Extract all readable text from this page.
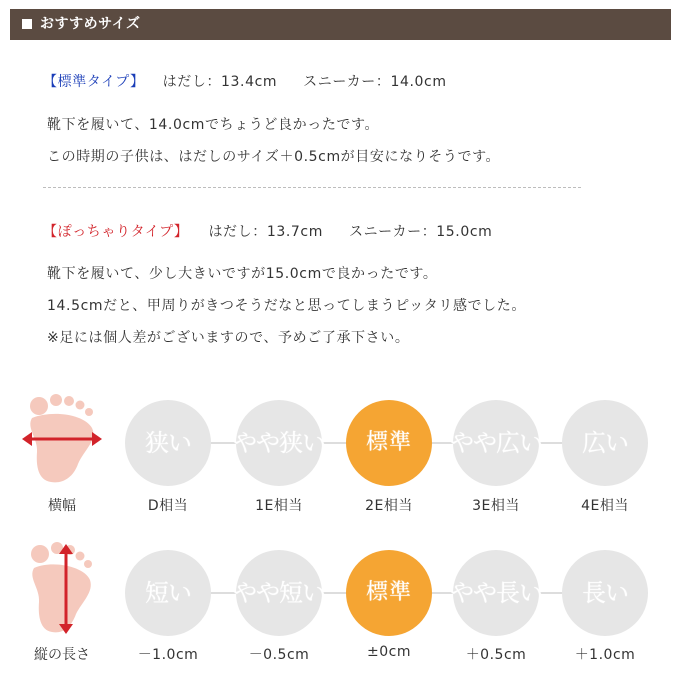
おすすめサイズ
【標準タイプ】 はだし：13.4cm スニーカー：14.0cm
靴下を履いて、14.0cmでちょうど良かったです。
この時期の子供は、はだしのサイズ＋0.5cmが目安になりそうです。
【ぽっちゃりタイプ】 はだし：13.7cm スニーカー：15.0cm
靴下を履いて、少し大きいですが15.0cmで良かったです。
14.5cmだと、甲周りがきつそうだなと思ってしまうピッタリ感でした。
※足には個人差がございますので、予めご了承下さい。
横幅
狭い	やや狭い	標準	やや広い	広い
D相当	1E相当	2E相当	3E相当	4E相当
縦の長さ
短い	やや短い	標準	やや長い	長い
－1.0cm	－0.5cm	±0cm	＋0.5cm	＋1.0cm
